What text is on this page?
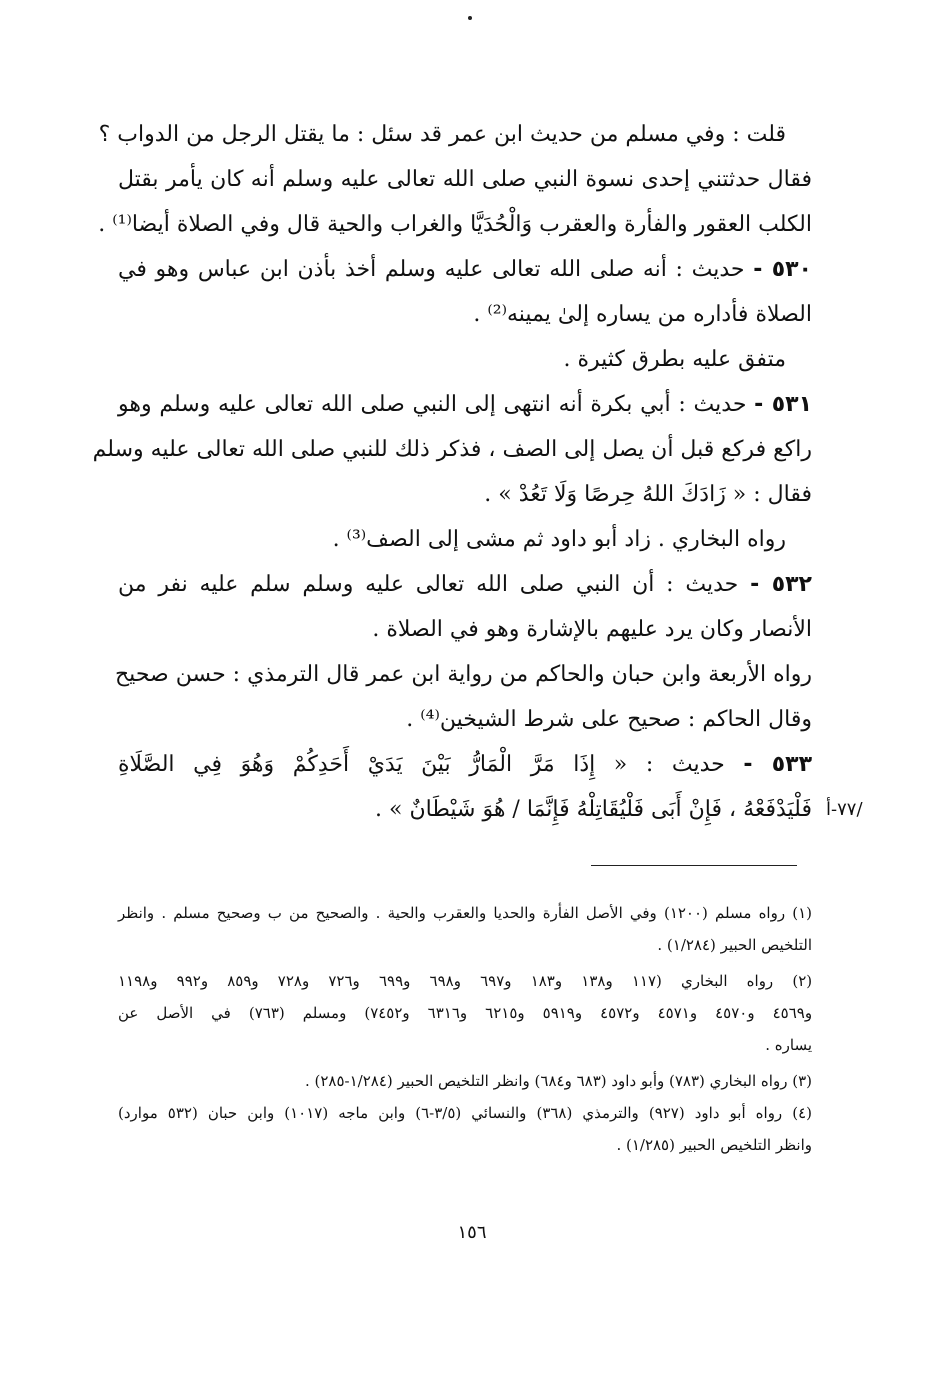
قلت : وفي مسلم من حديث ابن عمر قد سئل : ما يقتل الرجل من الدواب ؟
فقال حدثتني إحدى نسوة النبي صلى الله تعالى عليه وسلم أنه كان يأمر بقتل
الكلب العقور والفأرة والعقرب وَالْحُدَيَّا والغراب والحية قال وفي الصلاة أيضا⁽¹⁾ .
٥٣٠ - حديث : أنه صلى الله تعالى عليه وسلم أخذ بأذن ابن عباس وهو في
الصلاة فأداره من يساره إلىٰ يمينه⁽²⁾ .
متفق عليه بطرق كثيرة .
٥٣١ - حديث : أبي بكرة أنه انتهى إلى النبي صلى الله تعالى عليه وسلم وهو
راكع فركع قبل أن يصل إلى الصف ، فذكر ذلك للنبي صلى الله تعالى عليه وسلم
فقال : « زَادَكَ اللهُ حِرصًا وَلَا تَعُدْ » .
رواه البخاري . زاد أبو داود ثم مشى إلى الصف⁽³⁾ .
٥٣٢ - حديث : أن النبي صلى الله تعالى عليه وسلم سلم عليه نفر من
الأنصار وكان يرد عليهم بالإشارة وهو في الصلاة .
رواه الأربعة وابن حبان والحاكم من رواية ابن عمر قال الترمذي : حسن صحيح
وقال الحاكم : صحيح على شرط الشيخين⁽⁴⁾ .
٥٣٣ - حديث : « إِذَا مَرَّ الْمَارُّ بَيْنَ يَدَيْ أَحَدِكُمْ وَهُوَ فِي الصَّلَاةِ
فَلْيَدْفَعْهُ ، فَإِنْ أَبَى فَلْيُقَاتِلْهُ فَإِنَّمَا / هُوَ شَيْطَانٌ » . /٧٧-أ
(١) رواه مسلم (١٢٠٠) وفي الأصل الفأرة والحديا والعقرب والحية . والصحيح من ب وصحيح مسلم . وانظر
التلخيص الحبير (١/٢٨٤) .
(٢) رواه البخاري (١١٧ و١٣٨ و١٨٣ و٦٩٧ و٦٩٨ و٦٩٩ و٧٢٦ و٧٢٨ و٨٥٩ و٩٩٢ و١١٩٨
و٤٥٦٩ و٤٥٧٠ و٤٥٧١ و٤٥٧٢ و٥٩١٩ و٦٢١٥ و٦٣١٦ و٧٤٥٢) ومسلم (٧٦٣) في الأصل عن
يساره .
(٣) رواه البخاري (٧٨٣) وأبو داود (٦٨٣ و٦٨٤) وانظر التلخيص الحبير (١/٢٨٤-٢٨٥) .
(٤) رواه أبو داود (٩٢٧) والترمذي (٣٦٨) والنسائي (٣/٥-٦) وابن ماجه (١٠١٧) وابن حبان (٥٣٢ موارد)
وانظر التلخيص الحبير (١/٢٨٥) .
١٥٦
